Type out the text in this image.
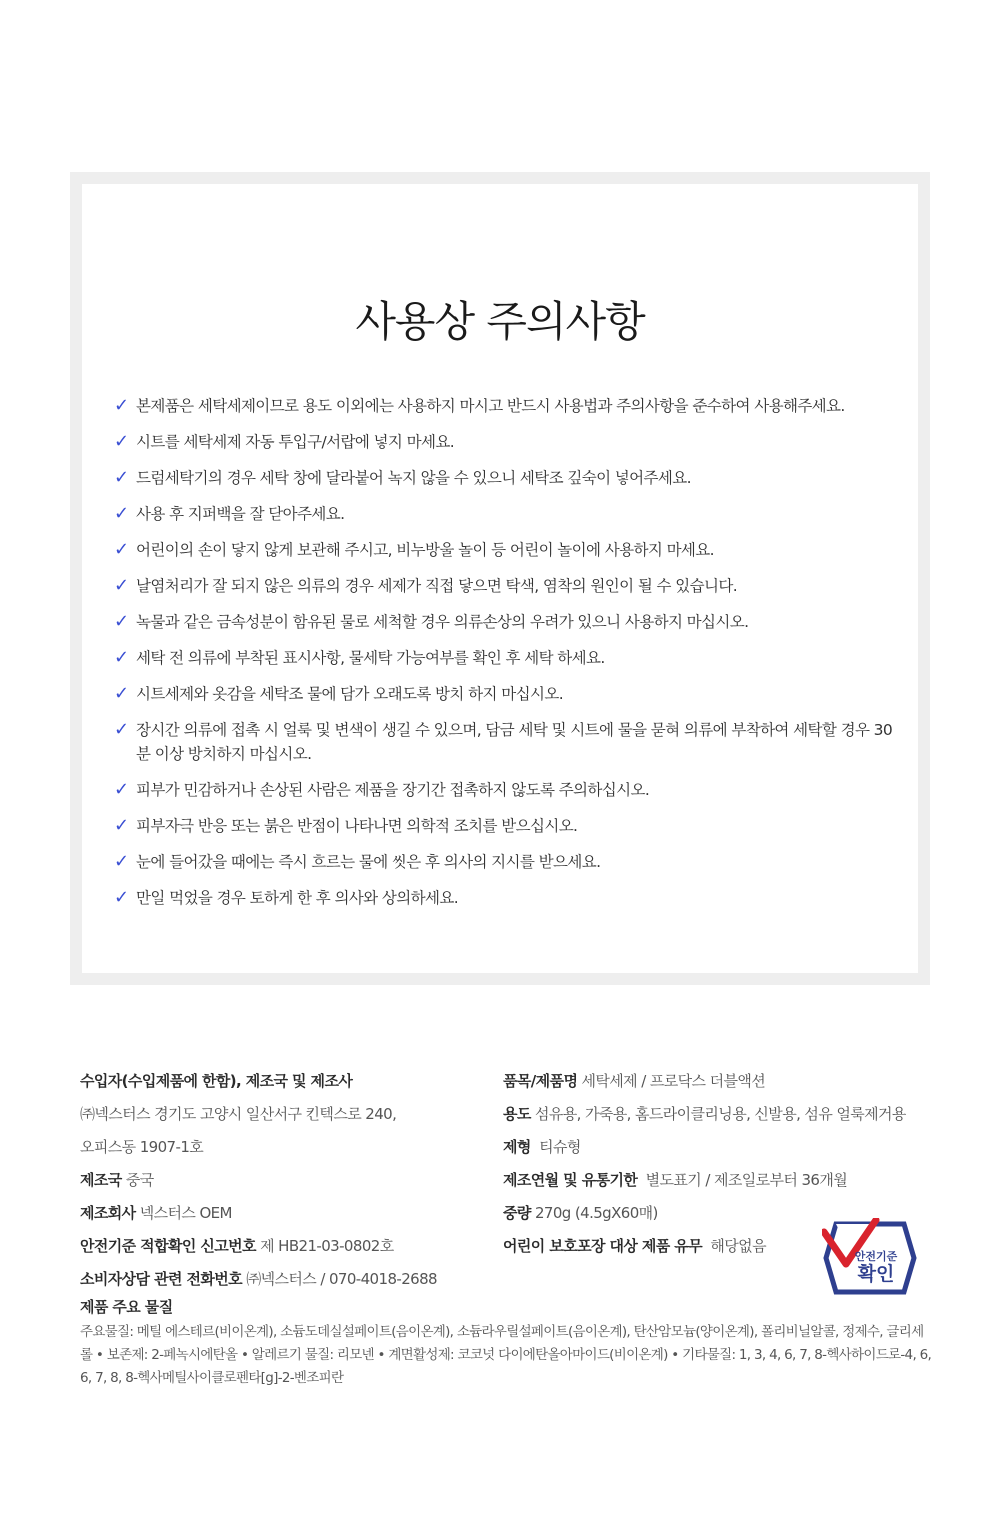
사용상 주의사항
✓ 본제품은 세탁세제이므로 용도 이외에는 사용하지 마시고 반드시 사용법과 주의사항을 준수하여 사용해주세요.
✓ 시트를 세탁세제 자동 투입구/서랍에 넣지 마세요.
✓ 드럼세탁기의 경우 세탁 창에 달라붙어 녹지 않을 수 있으니 세탁조 깊숙이 넣어주세요.
✓ 사용 후 지퍼백을 잘 닫아주세요.
✓ 어린이의 손이 닿지 않게 보관해 주시고, 비누방울 놀이 등 어린이 놀이에 사용하지 마세요.
✓ 날염처리가 잘 되지 않은 의류의 경우 세제가 직접 닿으면 탁색, 염착의 원인이 될 수 있습니다.
✓ 녹물과 같은 금속성분이 함유된 물로 세척할 경우 의류손상의 우려가 있으니 사용하지 마십시오.
✓ 세탁 전 의류에 부착된 표시사항, 물세탁 가능여부를 확인 후 세탁 하세요.
✓ 시트세제와 옷감을 세탁조 물에 담가 오래도록 방치 하지 마십시오.
✓ 장시간 의류에 접촉 시 얼룩 및 변색이 생길 수 있으며, 담금 세탁 및 시트에 물을 묻혀 의류에 부착하여 세탁할 경우 30분 이상 방치하지 마십시오.
✓ 피부가 민감하거나 손상된 사람은 제품을 장기간 접촉하지 않도록 주의하십시오.
✓ 피부자극 반응 또는 붉은 반점이 나타나면 의학적 조치를 받으십시오.
✓ 눈에 들어갔을 때에는 즉시 흐르는 물에 씻은 후 의사의 지시를 받으세요.
✓ 만일 먹었을 경우 토하게 한 후 의사와 상의하세요.
수입자(수입제품에 한함), 제조국 및 제조사
㈜넥스터스 경기도 고양시 일산서구 킨텍스로 240,
오피스동 1907-1호
제조국 중국
제조회사 넥스터스 OEM
안전기준 적합확인 신고번호 제 HB21-03-0802호
소비자상담 관련 전화번호 ㈜넥스터스 / 070-4018-2688
품목/제품명 세탁세제 / 프로닥스 더블액션
용도 섬유용, 가죽용, 홈드라이클리닝용, 신발용, 섬유 얼룩제거용
제형  티슈형
제조연월 및 유통기한  별도표기 / 제조일로부터 36개월
중량 270g (4.5gX60매)
어린이 보호포장 대상 제품 유무  해당없음
제품 주요 물질
주요물질: 메틸 에스테르(비이온계), 소듐도데실설페이트(음이온계), 소듐라우릴설페이트(음이온계), 탄산암모늄(양이온계), 폴리비닐알콜, 정제수, 글리세롤 • 보존제: 2-페녹시에탄올 • 알레르기 물질: 리모넨 • 계면활성제: 코코넛 다이에탄올아마이드(비이온계) • 기타물질: 1, 3, 4, 6, 7, 8-헥사하이드로-4, 6, 6, 7, 8, 8-헥사메틸사이클로펜타[g]-2-벤조피란
안전기준
확인
